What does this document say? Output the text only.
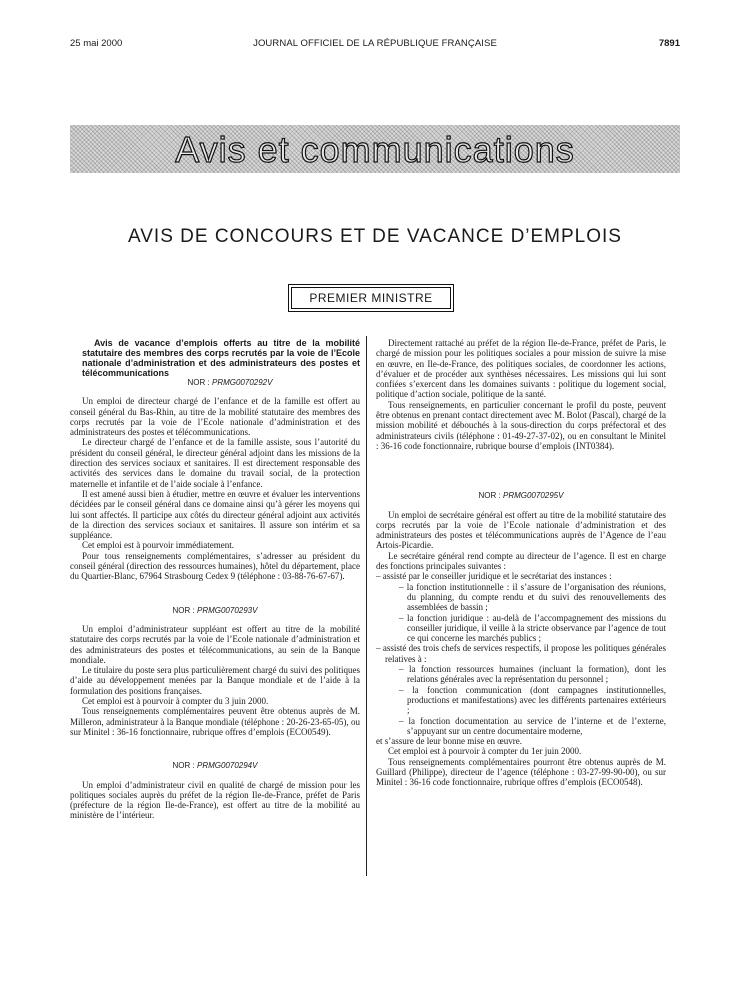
25 mai 2000	JOURNAL OFFICIEL DE LA RÉPUBLIQUE FRANÇAISE	7891
Avis et communications
AVIS DE CONCOURS ET DE VACANCE D’EMPLOIS
PREMIER MINISTRE

Avis de vacance d’emplois offerts au titre de la mobilité statutaire des membres des corps recrutés par la voie de l’Ecole nationale d’administration et des administrateurs des postes et télécommunications

NOR : PRMG0070292V

Un emploi de directeur chargé de l’enfance et de la famille est offert au conseil général du Bas-Rhin, au titre de la mobilité statutaire des membres des corps recrutés par la voie de l’Ecole nationale d’administration et des administrateurs des postes et télécommunications.

Le directeur chargé de l’enfance et de la famille assiste, sous l’autorité du président du conseil général, le directeur général adjoint dans les missions de la direction des services sociaux et sanitaires. Il est directement responsable des activités des services dans le domaine du travail social, de la protection maternelle et infantile et de l’aide sociale à l’enfance.

Il est amené aussi bien à étudier, mettre en œuvre et évaluer les interventions décidées par le conseil général dans ce domaine ainsi qu’à gérer les moyens qui lui sont affectés. Il participe aux côtés du directeur général adjoint aux activités de la direction des services sociaux et sanitaires. Il assure son intérim et sa suppléance.

Cet emploi est à pourvoir immédiatement.

Pour tous renseignements complémentaires, s’adresser au président du conseil général (direction des ressources humaines), hôtel du département, place du Quartier-Blanc, 67964 Strasbourg Cedex 9 (téléphone : 03-88-76-67-67).

NOR : PRMG0070293V

Un emploi d’administrateur suppléant est offert au titre de la mobilité statutaire des corps recrutés par la voie de l’Ecole nationale d’administration et des administrateurs des postes et télécommunications, au sein de la Banque mondiale.

Le titulaire du poste sera plus particulièrement chargé du suivi des politiques d’aide au développement menées par la Banque mondiale et de l’aide à la formulation des positions françaises.

Cet emploi est à pourvoir à compter du 3 juin 2000.

Tous renseignements complémentaires peuvent être obtenus auprès de M. Milleron, administrateur à la Banque mondiale (téléphone : 20-26-23-65-05), ou sur Minitel : 36-16 fonctionnaire, rubrique offres d’emplois (ECO0549).

NOR : PRMG0070294V

Un emploi d’administrateur civil en qualité de chargé de mission pour les politiques sociales auprès du préfet de la région Ile-de-France, préfet de Paris (préfecture de la région Ile-de-France), est offert au titre de la mobilité au ministère de l’intérieur.

Directement rattaché au préfet de la région Ile-de-France, préfet de Paris, le chargé de mission pour les politiques sociales a pour mission de suivre la mise en œuvre, en Ile-de-France, des politiques sociales, de coordonner les actions, d’évaluer et de procéder aux synthèses nécessaires. Les missions qui lui sont confiées s’exercent dans les domaines suivants : politique du logement social, politique d’action sociale, politique de la santé.

Tous renseignements, en particulier concernant le profil du poste, peuvent être obtenus en prenant contact directement avec M. Bolot (Pascal), chargé de la mission mobilité et débouchés à la sous-direction du corps préfectoral et des administrateurs civils (téléphone : 01-49-27-37-02), ou en consultant le Minitel : 36-16 code fonctionnaire, rubrique bourse d’emplois (INT0384).

NOR : PRMG0070295V

Un emploi de secrétaire général est offert au titre de la mobilité statutaire des corps recrutés par la voie de l’Ecole nationale d’administration et des administrateurs des postes et télécommunications auprès de l’Agence de l’eau Artois-Picardie.

Le secrétaire général rend compte au directeur de l’agence. Il est en charge des fonctions principales suivantes :

– assisté par le conseiller juridique et le secrétariat des instances :
– la fonction institutionnelle : il s’assure de l’organisation des réunions, du planning, du compte rendu et du suivi des renouvellements des assemblées de bassin ;
– la fonction juridique : au-delà de l’accompagnement des missions du conseiller juridique, il veille à la stricte observance par l’agence de tout ce qui concerne les marchés publics ;
– assisté des trois chefs de services respectifs, il propose les politiques générales relatives à :
– la fonction ressources humaines (incluant la formation), dont les relations générales avec la représentation du personnel ;
– la fonction communication (dont campagnes institutionnelles, productions et manifestations) avec les différents partenaires extérieurs ;
– la fonction documentation au service de l’interne et de l’externe, s’appuyant sur un centre documentaire moderne,

et s’assure de leur bonne mise en œuvre.

Cet emploi est à pourvoir à compter du 1er juin 2000.

Tous renseignements complémentaires pourront être obtenus auprès de M. Guillard (Philippe), directeur de l’agence (téléphone : 03-27-99-90-00), ou sur Minitel : 36-16 code fonctionnaire, rubrique offres d’emplois (ECO0548).
